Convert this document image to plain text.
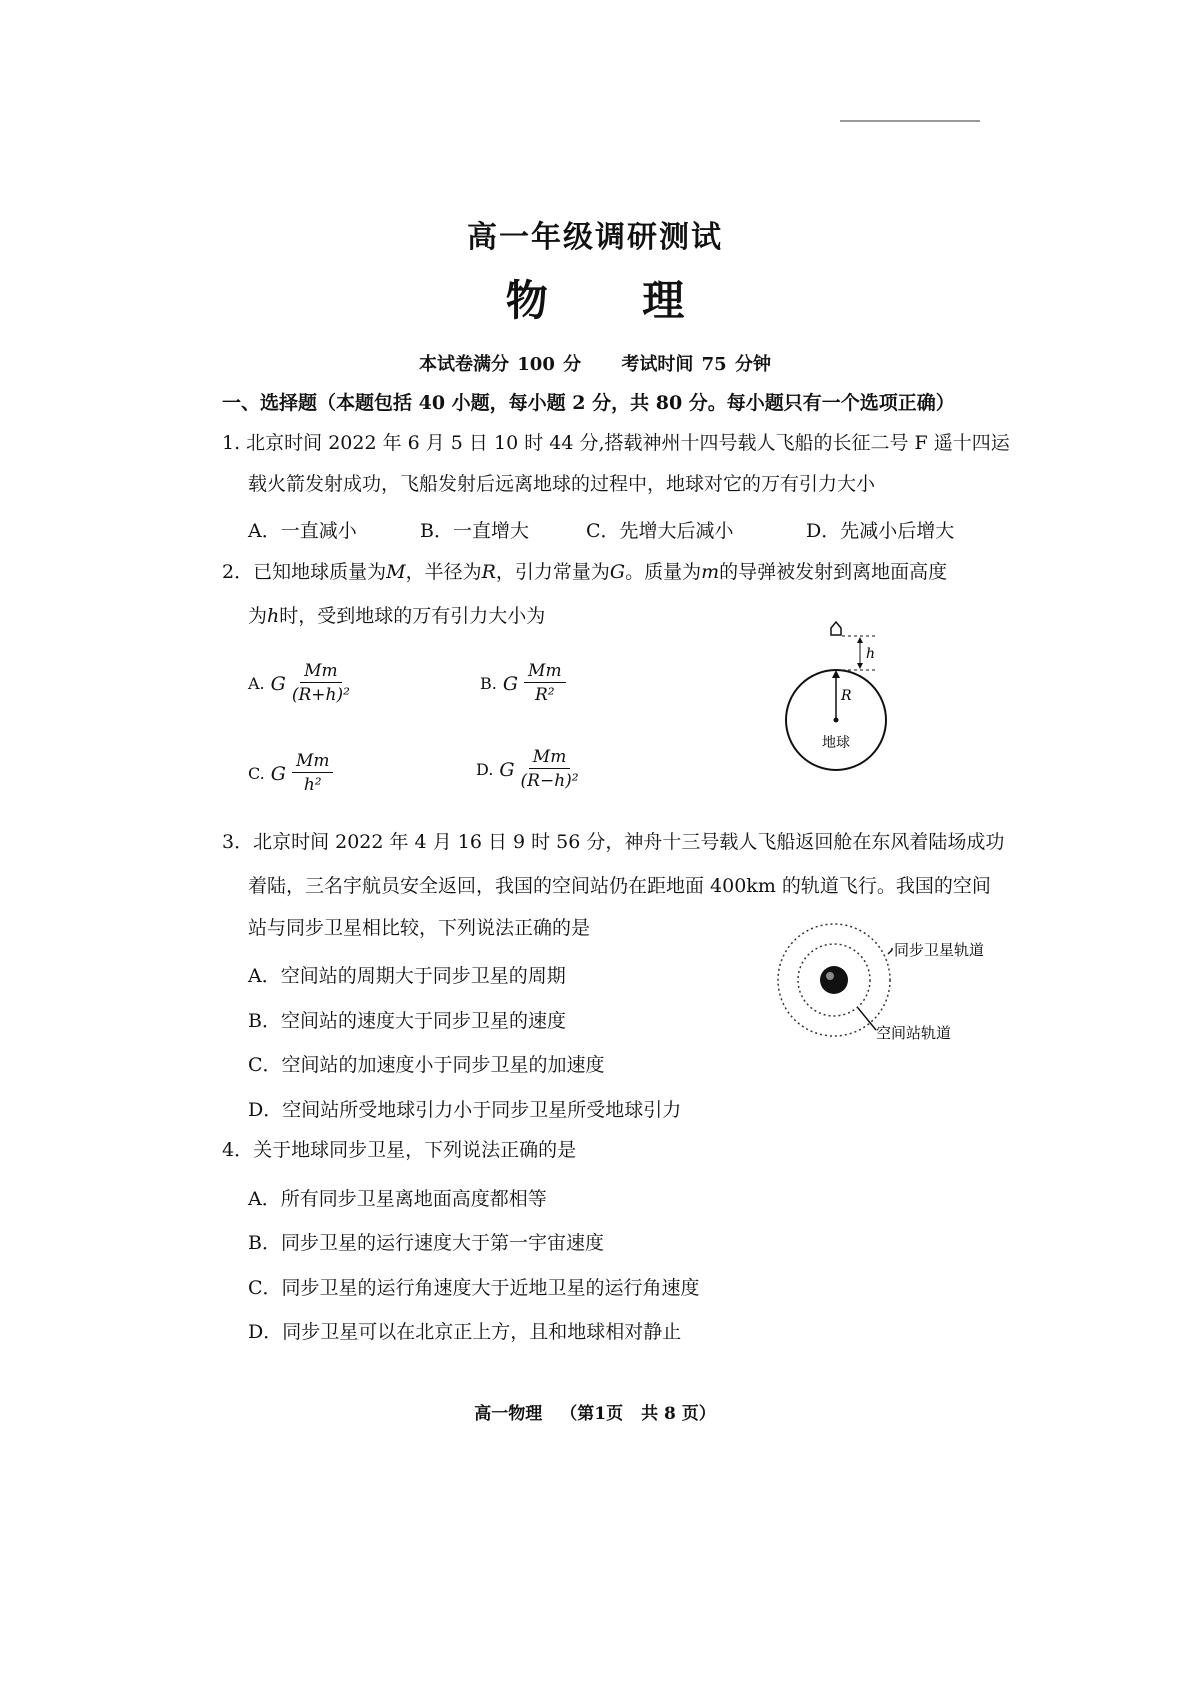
高一年级调研测试
物 理
本试卷满分 100 分 考试时间 75 分钟
一、选择题（本题包括 40 小题，每小题 2 分，共 80 分。每小题只有一个选项正确）
1. 北京时间 2022 年 6 月 5 日 10 时 44 分,搭载神州十四号载人飞船的长征二号 F 遥十四运
载火箭发射成功，飞船发射后远离地球的过程中，地球对它的万有引力大小
A．一直减小	B．一直增大	C．先增大后减小	D．先减小后增大
2．已知地球质量为M，半径为R，引力常量为G。质量为m的导弹被发射到离地面高度
为h时，受到地球的万有引力大小为
A. G $\frac{Mm}{\text{(R+h)²}}$	B. G $\frac{Mm}{\text{R²}}$
C. G $\frac{Mm}{\text{h²}}$	D. G $\frac{Mm}{\text{(R−h)²}}$
h
R
地球
3．北京时间 2022 年 4 月 16 日 9 时 56 分，神舟十三号载人飞船返回舱在东风着陆场成功
着陆，三名宇航员安全返回，我国的空间站仍在距地面 400km 的轨道飞行。我国的空间
站与同步卫星相比较，下列说法正确的是
A．空间站的周期大于同步卫星的周期
B．空间站的速度大于同步卫星的速度
C．空间站的加速度小于同步卫星的加速度
D．空间站所受地球引力小于同步卫星所受地球引力
同步卫星轨道
空间站轨道
4．关于地球同步卫星，下列说法正确的是
A．所有同步卫星离地面高度都相等
B．同步卫星的运行速度大于第一宇宙速度
C．同步卫星的运行角速度大于近地卫星的运行角速度
D．同步卫星可以在北京正上方，且和地球相对静止
高一物理 （第1页 共 8 页）
